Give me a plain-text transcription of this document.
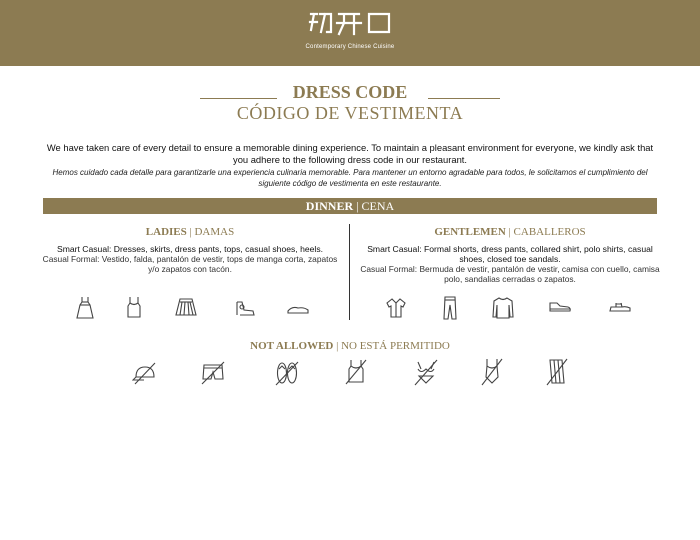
Contemporary Chinese Cuisine
DRESS CODE
CÓDIGO DE VESTIMENTA
We have taken care of every detail to ensure a memorable dining experience. To maintain a pleasant environment for everyone, we kindly ask that you adhere to the following dress code in our restaurant.
Hemos cuidado cada detalle para garantizarle una experiencia culinaria memorable. Para mantener un entorno agradable para todos, le solicitamos el cumplimiento del siguiente código de vestimenta en este restaurante.
DINNER | CENA
LADIES | DAMAS
Smart Casual: Dresses, skirts, dress pants, tops, casual shoes, heels.
Casual Formal: Vestido, falda, pantalón de vestir, tops de manga corta, zapatos y/o zapatos con tacón.
GENTLEMEN | CABALLEROS
Smart Casual: Formal shorts, dress pants, collared shirt, polo shirts, casual shoes, closed toe sandals.
Casual Formal: Bermuda de vestir, pantalón de vestir, camisa con cuello, camisa polo, sandalias cerradas o zapatos.
NOT ALLOWED | NO ESTÁ PERMITIDO
